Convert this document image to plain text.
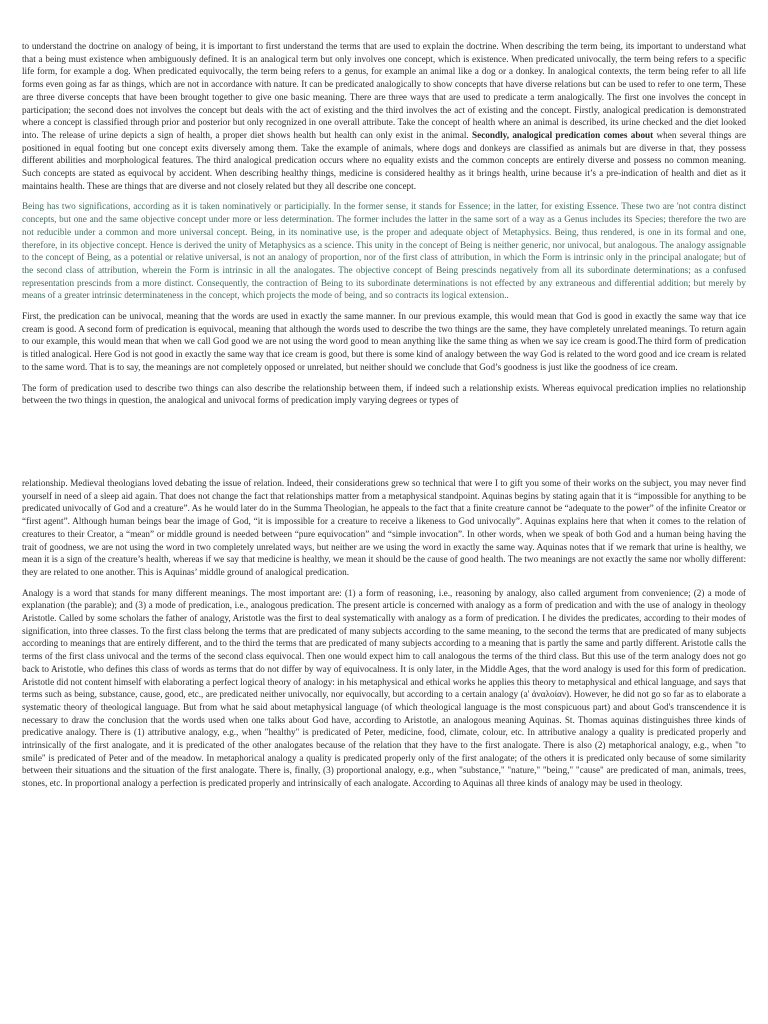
to understand the doctrine on analogy of being, it is important to first understand the terms that are used to explain the doctrine. When describing the term being, its important to understand what that a being must existence when ambiguously defined. It is an analogical term but only involves one concept, which is existence. When predicated univocally, the term being refers to a specific life form, for example a dog. When predicated equivocally, the term being refers to a genus, for example an animal like a dog or a donkey. In analogical contexts, the term being refer to all life forms even going as far as things, which are not in accordance with nature. It can be predicated analogically to show concepts that have diverse relations but can be used to refer to one term, These are three diverse concepts that have been brought together to give one basic meaning. There are three ways that are used to predicate a term analogically. The first one involves the concept in participation; the second does not involves the concept but deals with the act of existing and the third involves the act of existing and the concept. Firstly, analogical predication is demonstrated where a concept is classified through prior and posterior but only recognized in one overall attribute. Take the concept of health where an animal is described, its urine checked and the diet looked into. The release of urine depicts a sign of health, a proper diet shows health but health can only exist in the animal. Secondly, analogical predication comes about when several things are positioned in equal footing but one concept exits diversely among them. Take the example of animals, where dogs and donkeys are classified as animals but are diverse in that, they possess different abilities and morphological features. The third analogical predication occurs where no equality exists and the common concepts are entirely diverse and possess no common meaning. Such concepts are stated as equivocal by accident. When describing healthy things, medicine is considered healthy as it brings health, urine because it’s a pre-indication of health and diet as it maintains health. These are things that are diverse and not closely related but they all describe one concept.

Being has two significations, according as it is taken nominatively or participially. In the former sense, it stands for Essence; in the latter, for existing Essence. These two are 'not contra distinct concepts, but one and the same objective concept under more or less determination. The former includes the latter in the same sort of a way as a Genus includes its Species; therefore the two are not reducible under a common and more universal concept. Being, in its nominative use, is the proper and adequate object of Metaphysics. Being, thus rendered, is one in its formal and one, therefore, in its objective concept. Hence is derived the unity of Metaphysics as a science. This unity in the concept of Being is neither generic, nor univocal, but analogous. The analogy assignable to the concept of Being, as a potential or relative universal, is not an analogy of proportion, nor of the first class of attribution, in which the Form is intrinsic only in the principal analogate; but of the second class of attribution, wherein the Form is intrinsic in all the analogates. The objective concept of Being prescinds negatively from all its subordinate determinations; as a confused representation prescinds from a more distinct. Consequently, the contraction of Being to its subordinate determinations is not effected by any extraneous and differential addition; but merely by means of a greater intrinsic determinateness in the concept, which projects the mode of being, and so contracts its logical extension..

First, the predication can be univocal, meaning that the words are used in exactly the same manner. In our previous example, this would mean that God is good in exactly the same way that ice cream is good. A second form of predication is equivocal, meaning that although the words used to describe the two things are the same, they have completely unrelated meanings. To return again to our example, this would mean that when we call God good we are not using the word good to mean anything like the same thing as when we say ice cream is good.The third form of predication is titled analogical. Here God is not good in exactly the same way that ice cream is good, but there is some kind of analogy between the way God is related to the word good and ice cream is related to the same word. That is to say, the meanings are not completely opposed or unrelated, but neither should we conclude that God’s goodness is just like the goodness of ice cream.

The form of predication used to describe two things can also describe the relationship between them, if indeed such a relationship exists. Whereas equivocal predication implies no relationship between the two things in question, the analogical and univocal forms of predication imply varying degrees or types of

relationship. Medieval theologians loved debating the issue of relation. Indeed, their considerations grew so technical that were I to gift you some of their works on the subject, you may never find yourself in need of a sleep aid again. That does not change the fact that relationships matter from a metaphysical standpoint. Aquinas begins by stating again that it is “impossible for anything to be predicated univocally of God and a creature”. As he would later do in the Summa Theologian, he appeals to the fact that a finite creature cannot be “adequate to the power” of the infinite Creator or “first agent”. Although human beings bear the image of God, “it is impossible for a creature to receive a likeness to God univocally”. Aquinas explains here that when it comes to the relation of creatures to their Creator, a “mean” or middle ground is needed between “pure equivocation” and “simple invocation”. In other words, when we speak of both God and a human being having the trait of goodness, we are not using the word in two completely unrelated ways, but neither are we using the word in exactly the same way. Aquinas notes that if we remark that urine is healthy, we mean it is a sign of the creature’s health, whereas if we say that medicine is healthy, we mean it should be the cause of good health. The two meanings are not exactly the same nor wholly different: they are related to one another. This is Aquinas’ middle ground of analogical predication.

Analogy is a word that stands for many different meanings. The most important are: (1) a form of reasoning, i.e., reasoning by analogy, also called argument from convenience; (2) a mode of explanation (the parable); and (3) a mode of predication, i.e., analogous predication. The present article is concerned with analogy as a form of predication and with the use of analogy in theology Aristotle. Called by some scholars the father of analogy, Aristotle was the first to deal systematically with analogy as a form of predication. I he divides the predicates, according to their modes of signification, into three classes. To the first class belong the terms that are predicated of many subjects according to the same meaning, to the second the terms that are predicated of many subjects according to meanings that are entirely different, and to the third the terms that are predicated of many subjects according to a meaning that is partly the same and partly different. Aristotle calls the terms of the first class univocal and the terms of the second class equivocal. Then one would expect him to call analogous the terms of the third class. But this use of the term analogy does not go back to Aristotle, who defines this class of words as terms that do not differ by way of equivocalness. It is only later, in the Middle Ages, that the word analogy is used for this form of predication. Aristotle did not content himself with elaborating a perfect logical theory of analogy: in his metaphysical and ethical works he applies this theory to metaphysical and ethical language, and says that terms such as being, substance, cause, good, etc., are predicated neither univocally, nor equivocally, but according to a certain analogy (a' ἀναλοίαν). However, he did not go so far as to elaborate a systematic theory of theological language. But from what he said about metaphysical language (of which theological language is the most conspicuous part) and about God's transcendence it is necessary to draw the conclusion that the words used when one talks about God have, according to Aristotle, an analogous meaning Aquinas. St. Thomas aquinas distinguishes three kinds of predicative analogy. There is (1) attributive analogy, e.g., when "healthy" is predicated of Peter, medicine, food, climate, colour, etc. In attributive analogy a quality is predicated properly and intrinsically of the first analogate, and it is predicated of the other analogates because of the relation that they have to the first analogate. There is also (2) metaphorical analogy, e.g., when "to smile" is predicated of Peter and of the meadow. In metaphorical analogy a quality is predicated properly only of the first analogate; of the others it is predicated only because of some similarity between their situations and the situation of the first analogate. There is, finally, (3) proportional analogy, e.g., when "substance," "nature," "being," "cause" are predicated of man, animals, trees, stones, etc. In proportional analogy a perfection is predicated properly and intrinsically of each analogate. According to Aquinas all three kinds of analogy may be used in theology.
